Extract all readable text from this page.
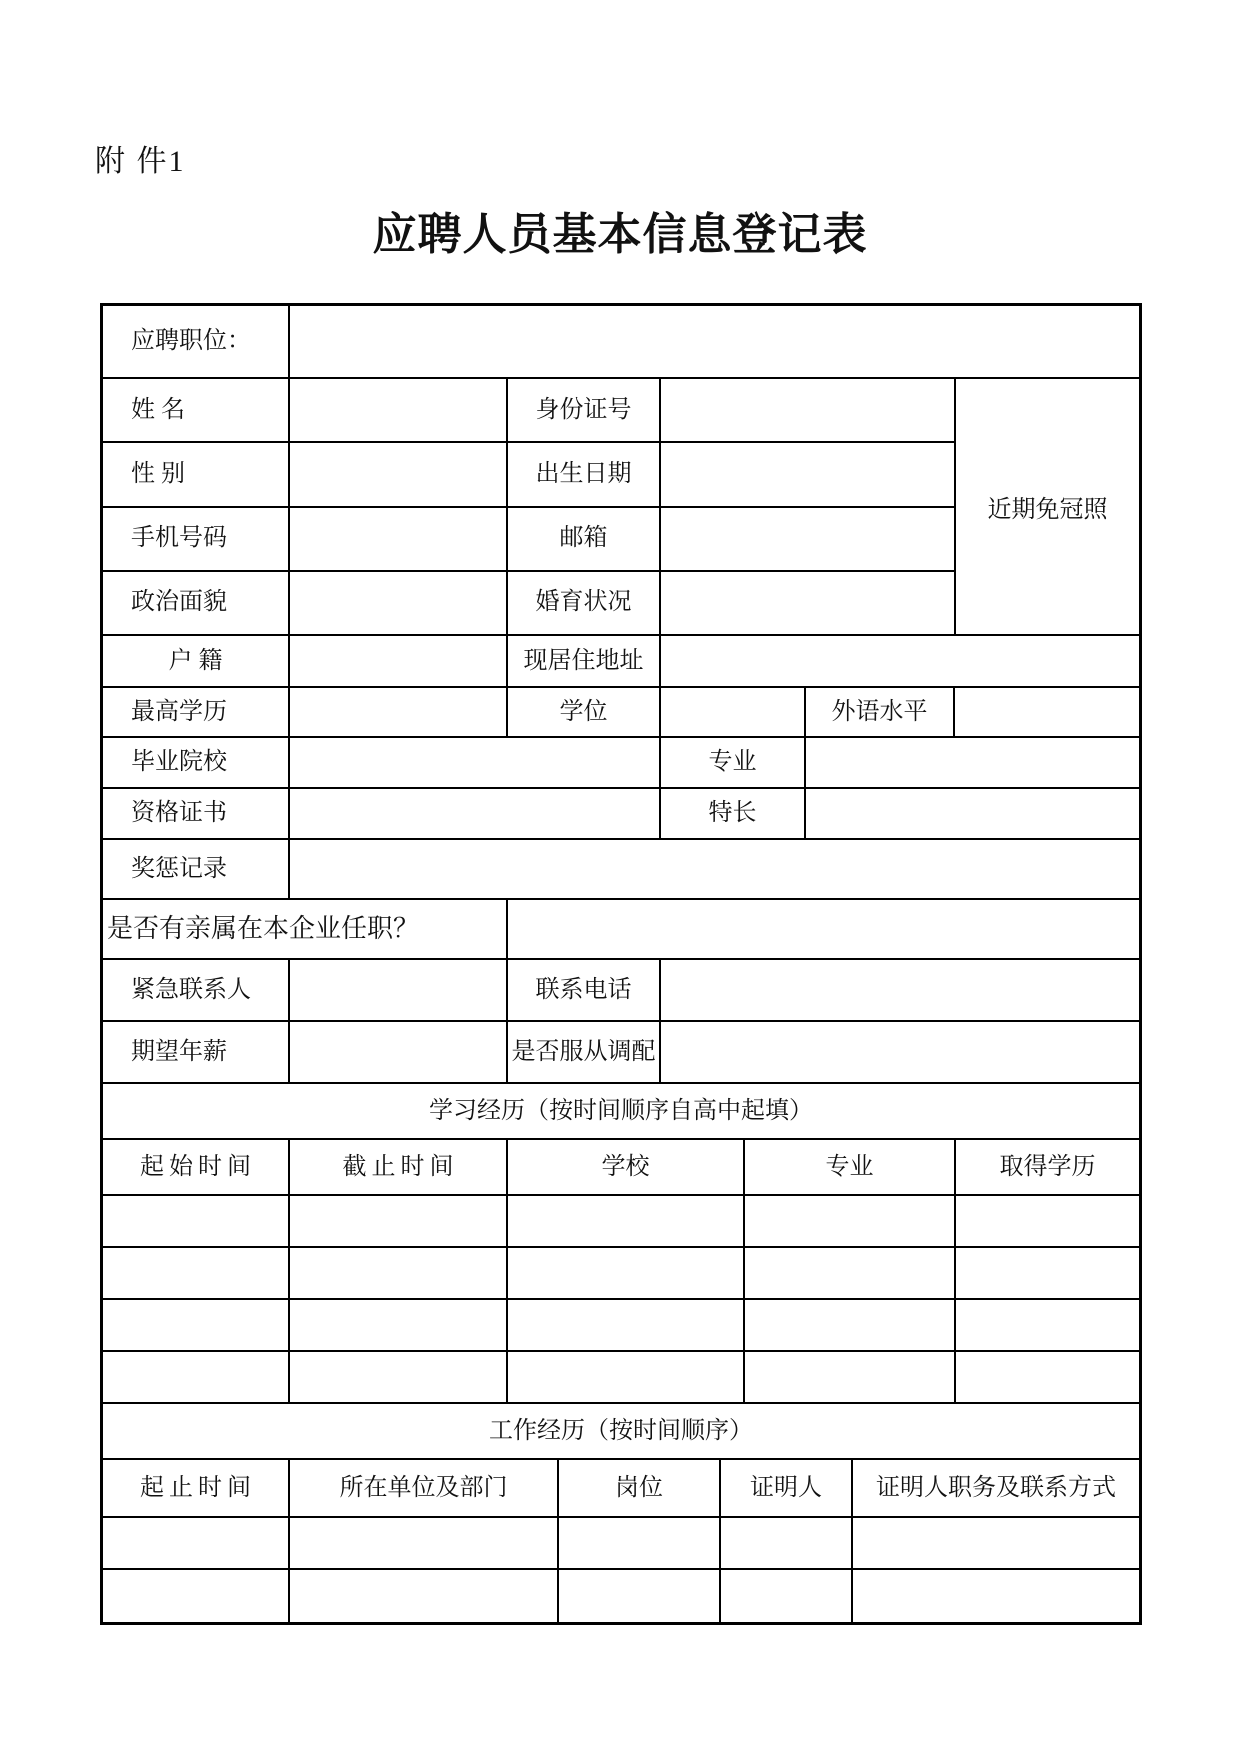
附 件1
应聘人员基本信息登记表
应聘职位：
姓 名	身份证号
性 别	出生日期
手机号码	邮箱
政治面貌	婚育状况
近期免冠照
户 籍	现居住地址
最高学历	学位	外语水平
毕业院校	专业
资格证书	特长
奖惩记录
是否有亲属在本企业任职？
紧急联系人	联系电话
期望年薪	是否服从调配
学习经历（按时间顺序自高中起填）
起始时间	截止时间	学校	专业	取得学历
工作经历（按时间顺序）
起止时间	所在单位及部门	岗位	证明人	证明人职务及联系方式
